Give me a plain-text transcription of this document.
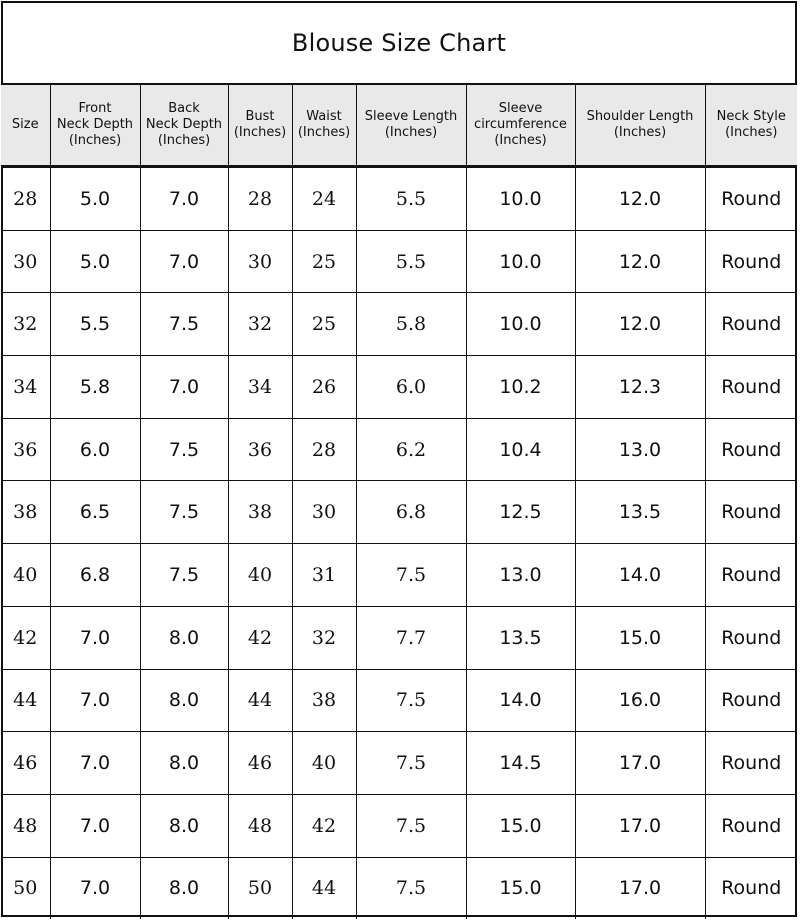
Blouse Size Chart
Size	Front
Neck Depth
(Inches)	Back
Neck Depth
(Inches)	Bust
(Inches)	Waist
(Inches)	Sleeve Length
(Inches)	Sleeve
circumference
(Inches)	Shoulder Length
(Inches)	Neck Style
(Inches)

28	5.0	7.0	28	24	5.5	10.0	12.0	Round
30	5.0	7.0	30	25	5.5	10.0	12.0	Round
32	5.5	7.5	32	25	5.8	10.0	12.0	Round
34	5.8	7.0	34	26	6.0	10.2	12.3	Round
36	6.0	7.5	36	28	6.2	10.4	13.0	Round
38	6.5	7.5	38	30	6.8	12.5	13.5	Round
40	6.8	7.5	40	31	7.5	13.0	14.0	Round
42	7.0	8.0	42	32	7.7	13.5	15.0	Round
44	7.0	8.0	44	38	7.5	14.0	16.0	Round
46	7.0	8.0	46	40	7.5	14.5	17.0	Round
48	7.0	8.0	48	42	7.5	15.0	17.0	Round
50	7.0	8.0	50	44	7.5	15.0	17.0	Round
